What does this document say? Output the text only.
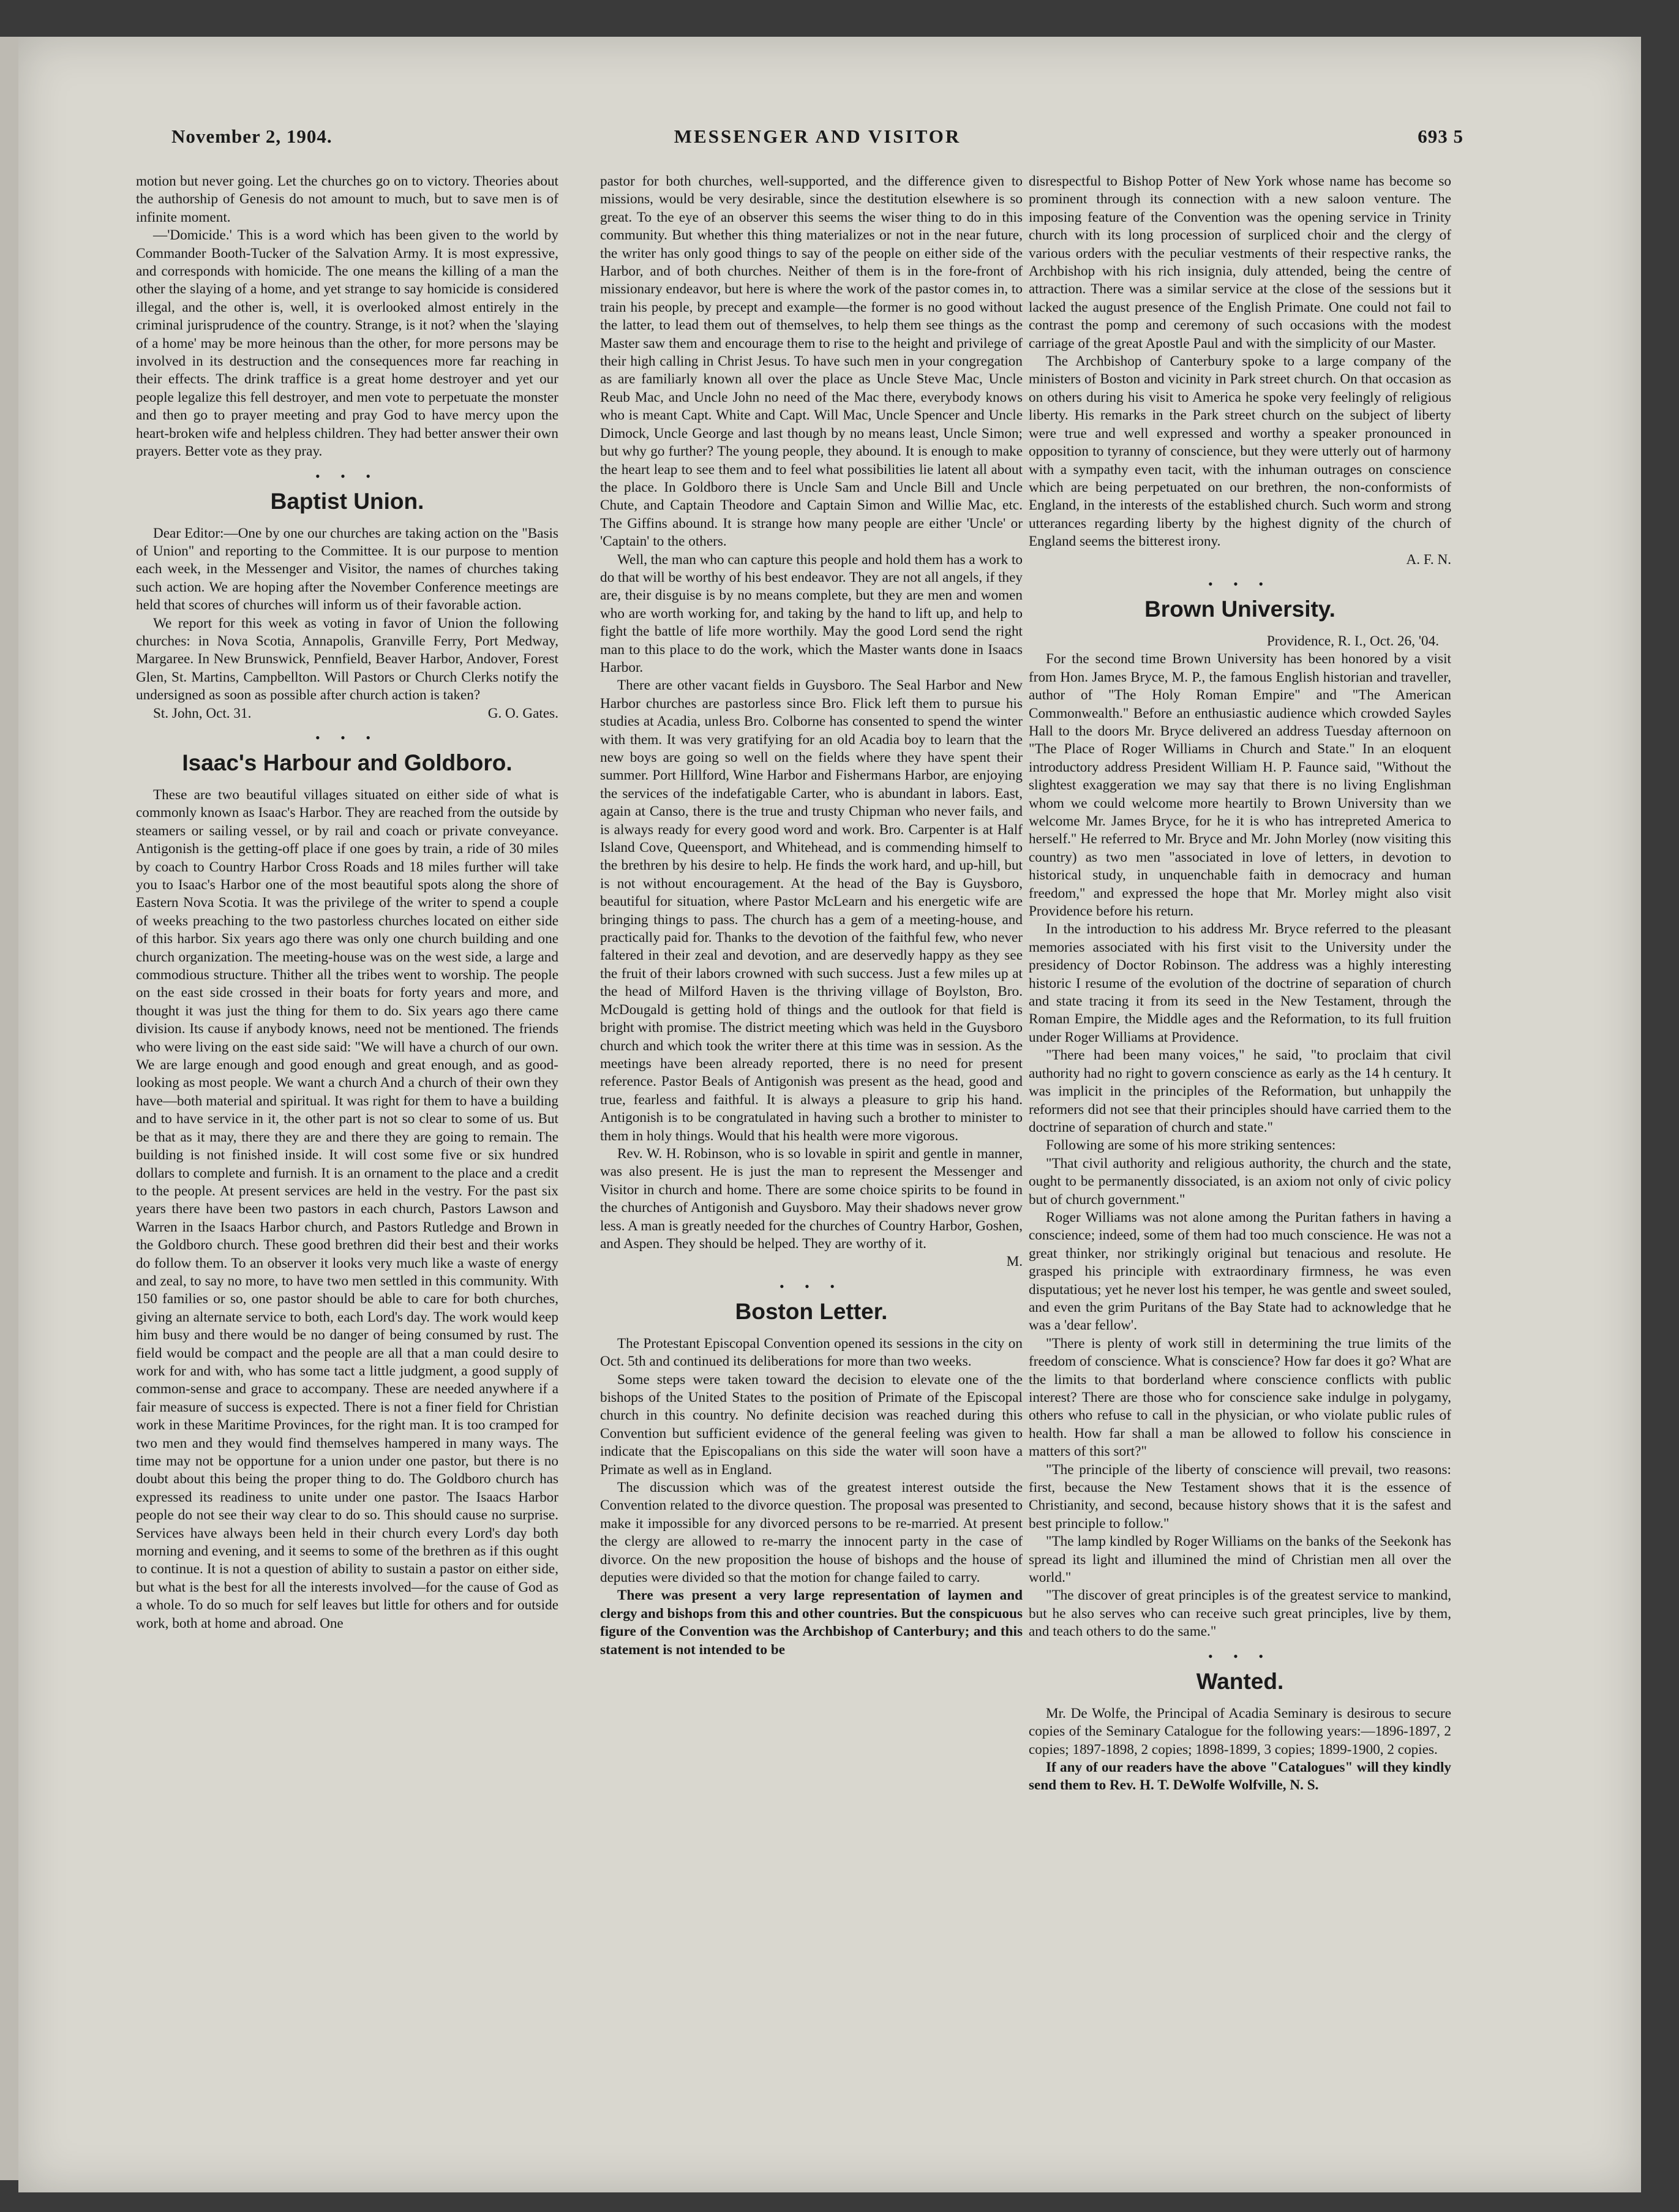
November 2, 1904.	MESSENGER AND VISITOR	693 5

motion but never going. Let the churches go on to victory. Theories about the authorship of Genesis do not amount to much, but to save men is of infinite moment.

—'Domicide.' This is a word which has been given to the world by Commander Booth-Tucker of the Salvation Army. It is most expressive, and corresponds with homicide. The one means the killing of a man the other the slaying of a home, and yet strange to say homicide is considered illegal, and the other is, well, it is overlooked almost entirely in the criminal jurisprudence of the country. Strange, is it not? when the 'slaying of a home' may be more heinous than the other, for more persons may be involved in its destruction and the consequences more far reaching in their effects. The drink traffice is a great home destroyer and yet our people legalize this fell destroyer, and men vote to perpetuate the monster and then go to prayer meeting and pray God to have mercy upon the heart-broken wife and helpless children. They had better answer their own prayers. Better vote as they pray.

• • •
Baptist Union.

Dear Editor:—One by one our churches are taking action on the "Basis of Union" and reporting to the Committee. It is our purpose to mention each week, in the Messenger and Visitor, the names of churches taking such action. We are hoping after the November Conference meetings are held that scores of churches will inform us of their favorable action.

We report for this week as voting in favor of Union the following churches: in Nova Scotia, Annapolis, Granville Ferry, Port Medway, Margaree. In New Brunswick, Pennfield, Beaver Harbor, Andover, Forest Glen, St. Martins, Campbellton. Will Pastors or Church Clerks notify the undersigned as soon as possible after church action is taken?

St. John, Oct. 31.	G. O. Gates.
• • •
Isaac's Harbour and Goldboro.

These are two beautiful villages situated on either side of what is commonly known as Isaac's Harbor. They are reached from the outside by steamers or sailing vessel, or by rail and coach or private conveyance. Antigonish is the getting-off place if one goes by train, a ride of 30 miles by coach to Country Harbor Cross Roads and 18 miles further will take you to Isaac's Harbor one of the most beautiful spots along the shore of Eastern Nova Scotia. It was the privilege of the writer to spend a couple of weeks preaching to the two pastorless churches located on either side of this harbor. Six years ago there was only one church building and one church organization. The meeting-house was on the west side, a large and commodious structure. Thither all the tribes went to worship. The people on the east side crossed in their boats for forty years and more, and thought it was just the thing for them to do. Six years ago there came division. Its cause if anybody knows, need not be mentioned. The friends who were living on the east side said: "We will have a church of our own. We are large enough and good enough and great enough, and as good-looking as most people. We want a church And a church of their own they have—both material and spiritual. It was right for them to have a building and to have service in it, the other part is not so clear to some of us. But be that as it may, there they are and there they are going to remain. The building is not finished inside. It will cost some five or six hundred dollars to complete and furnish. It is an ornament to the place and a credit to the people. At present services are held in the vestry. For the past six years there have been two pastors in each church, Pastors Lawson and Warren in the Isaacs Harbor church, and Pastors Rutledge and Brown in the Goldboro church. These good brethren did their best and their works do follow them. To an observer it looks very much like a waste of energy and zeal, to say no more, to have two men settled in this community. With 150 families or so, one pastor should be able to care for both churches, giving an alternate service to both, each Lord's day. The work would keep him busy and there would be no danger of being consumed by rust. The field would be compact and the people are all that a man could desire to work for and with, who has some tact a little judgment, a good supply of common-sense and grace to accompany. These are needed anywhere if a fair measure of success is expected. There is not a finer field for Christian work in these Maritime Provinces, for the right man. It is too cramped for two men and they would find themselves hampered in many ways. The time may not be opportune for a union under one pastor, but there is no doubt about this being the proper thing to do. The Goldboro church has expressed its readiness to unite under one pastor. The Isaacs Harbor people do not see their way clear to do so. This should cause no surprise. Services have always been held in their church every Lord's day both morning and evening, and it seems to some of the brethren as if this ought to continue. It is not a question of ability to sustain a pastor on either side, but what is the best for all the interests involved—for the cause of God as a whole. To do so much for self leaves but little for others and for outside work, both at home and abroad. One

pastor for both churches, well-supported, and the difference given to missions, would be very desirable, since the destitution elsewhere is so great. To the eye of an observer this seems the wiser thing to do in this community. But whether this thing materializes or not in the near future, the writer has only good things to say of the people on either side of the Harbor, and of both churches. Neither of them is in the fore-front of missionary endeavor, but here is where the work of the pastor comes in, to train his people, by precept and example—the former is no good without the latter, to lead them out of themselves, to help them see things as the Master saw them and encourage them to rise to the height and privilege of their high calling in Christ Jesus. To have such men in your congregation as are familiarly known all over the place as Uncle Steve Mac, Uncle Reub Mac, and Uncle John no need of the Mac there, everybody knows who is meant Capt. White and Capt. Will Mac, Uncle Spencer and Uncle Dimock, Uncle George and last though by no means least, Uncle Simon; but why go further? The young people, they abound. It is enough to make the heart leap to see them and to feel what possibilities lie latent all about the place. In Goldboro there is Uncle Sam and Uncle Bill and Uncle Chute, and Captain Theodore and Captain Simon and Willie Mac, etc. The Giffins abound. It is strange how many people are either 'Uncle' or 'Captain' to the others.

Well, the man who can capture this people and hold them has a work to do that will be worthy of his best endeavor. They are not all angels, if they are, their disguise is by no means complete, but they are men and women who are worth working for, and taking by the hand to lift up, and help to fight the battle of life more worthily. May the good Lord send the right man to this place to do the work, which the Master wants done in Isaacs Harbor.

There are other vacant fields in Guysboro. The Seal Harbor and New Harbor churches are pastorless since Bro. Flick left them to pursue his studies at Acadia, unless Bro. Colborne has consented to spend the winter with them. It was very gratifying for an old Acadia boy to learn that the new boys are going so well on the fields where they have spent their summer. Port Hillford, Wine Harbor and Fishermans Harbor, are enjoying the services of the indefatigable Carter, who is abundant in labors. East, again at Canso, there is the true and trusty Chipman who never fails, and is always ready for every good word and work. Bro. Carpenter is at Half Island Cove, Queensport, and Whitehead, and is commending himself to the brethren by his desire to help. He finds the work hard, and up-hill, but is not without encouragement. At the head of the Bay is Guysboro, beautiful for situation, where Pastor McLearn and his energetic wife are bringing things to pass. The church has a gem of a meeting-house, and practically paid for. Thanks to the devotion of the faithful few, who never faltered in their zeal and devotion, and are deservedly happy as they see the fruit of their labors crowned with such success. Just a few miles up at the head of Milford Haven is the thriving village of Boylston, Bro. McDougald is getting hold of things and the outlook for that field is bright with promise. The district meeting which was held in the Guysboro church and which took the writer there at this time was in session. As the meetings have been already reported, there is no need for present reference. Pastor Beals of Antigonish was present as the head, good and true, fearless and faithful. It is always a pleasure to grip his hand. Antigonish is to be congratulated in having such a brother to minister to them in holy things. Would that his health were more vigorous.

Rev. W. H. Robinson, who is so lovable in spirit and gentle in manner, was also present. He is just the man to represent the Messenger and Visitor in church and home. There are some choice spirits to be found in the churches of Antigonish and Guysboro. May their shadows never grow less. A man is greatly needed for the churches of Country Harbor, Goshen, and Aspen. They should be helped. They are worthy of it.

M.

• • •
Boston Letter.

The Protestant Episcopal Convention opened its sessions in the city on Oct. 5th and continued its deliberations for more than two weeks.

Some steps were taken toward the decision to elevate one of the bishops of the United States to the position of Primate of the Episcopal church in this country. No definite decision was reached during this Convention but sufficient evidence of the general feeling was given to indicate that the Episcopalians on this side the water will soon have a Primate as well as in England.

The discussion which was of the greatest interest outside the Convention related to the divorce question. The proposal was presented to make it impossible for any divorced persons to be re-married. At present the clergy are allowed to re-marry the innocent party in the case of divorce. On the new proposition the house of bishops and the house of deputies were divided so that the motion for change failed to carry.

There was present a very large representation of laymen and clergy and bishops from this and other countries. But the conspicuous figure of the Convention was the Archbishop of Canterbury; and this statement is not intended to be

disrespectful to Bishop Potter of New York whose name has become so prominent through its connection with a new saloon venture. The imposing feature of the Convention was the opening service in Trinity church with its long procession of surpliced choir and the clergy of various orders with the peculiar vestments of their respective ranks, the Archbishop with his rich insignia, duly attended, being the centre of attraction. There was a similar service at the close of the sessions but it lacked the august presence of the English Primate. One could not fail to contrast the pomp and ceremony of such occasions with the modest carriage of the great Apostle Paul and with the simplicity of our Master.

The Archbishop of Canterbury spoke to a large company of the ministers of Boston and vicinity in Park street church. On that occasion as on others during his visit to America he spoke very feelingly of religious liberty. His remarks in the Park street church on the subject of liberty were true and well expressed and worthy a speaker pronounced in opposition to tyranny of conscience, but they were utterly out of harmony with a sympathy even tacit, with the inhuman outrages on conscience which are being perpetuated on our brethren, the non-conformists of England, in the interests of the established church. Such worm and strong utterances regarding liberty by the highest dignity of the church of England seems the bitterest irony.

A. F. N.

• • •
Brown University.

Providence, R. I., Oct. 26, '04.

For the second time Brown University has been honored by a visit from Hon. James Bryce, M. P., the famous English historian and traveller, author of "The Holy Roman Empire" and "The American Commonwealth." Before an enthusiastic audience which crowded Sayles Hall to the doors Mr. Bryce delivered an address Tuesday afternoon on "The Place of Roger Williams in Church and State." In an eloquent introductory address President William H. P. Faunce said, "Without the slightest exaggeration we may say that there is no living Englishman whom we could welcome more heartily to Brown University than we welcome Mr. James Bryce, for he it is who has intrepreted America to herself." He referred to Mr. Bryce and Mr. John Morley (now visiting this country) as two men "associated in love of letters, in devotion to historical study, in unquenchable faith in democracy and human freedom," and expressed the hope that Mr. Morley might also visit Providence before his return.

In the introduction to his address Mr. Bryce referred to the pleasant memories associated with his first visit to the University under the presidency of Doctor Robinson. The address was a highly interesting historic I resume of the evolution of the doctrine of separation of church and state tracing it from its seed in the New Testament, through the Roman Empire, the Middle ages and the Reformation, to its full fruition under Roger Williams at Providence.

"There had been many voices," he said, "to proclaim that civil authority had no right to govern conscience as early as the 14 h century. It was implicit in the principles of the Reformation, but unhappily the reformers did not see that their principles should have carried them to the doctrine of separation of church and state."

Following are some of his more striking sentences:

"That civil authority and religious authority, the church and the state, ought to be permanently dissociated, is an axiom not only of civic policy but of church government."

Roger Williams was not alone among the Puritan fathers in having a conscience; indeed, some of them had too much conscience. He was not a great thinker, nor strikingly original but tenacious and resolute. He grasped his principle with extraordinary firmness, he was even disputatious; yet he never lost his temper, he was gentle and sweet souled, and even the grim Puritans of the Bay State had to acknowledge that he was a 'dear fellow'.

"There is plenty of work still in determining the true limits of the freedom of conscience. What is conscience? How far does it go? What are the limits to that borderland where conscience conflicts with public interest? There are those who for conscience sake indulge in polygamy, others who refuse to call in the physician, or who violate public rules of health. How far shall a man be allowed to follow his conscience in matters of this sort?"

"The principle of the liberty of conscience will prevail, two reasons: first, because the New Testament shows that it is the essence of Christianity, and second, because history shows that it is the safest and best principle to follow."

"The lamp kindled by Roger Williams on the banks of the Seekonk has spread its light and illumined the mind of Christian men all over the world."

"The discover of great principles is of the greatest service to mankind, but he also serves who can receive such great principles, live by them, and teach others to do the same."

• • •
Wanted.

Mr. De Wolfe, the Principal of Acadia Seminary is desirous to secure copies of the Seminary Catalogue for the following years:—1896-1897, 2 copies; 1897-1898, 2 copies; 1898-1899, 3 copies; 1899-1900, 2 copies.

If any of our readers have the above "Catalogues" will they kindly send them to Rev. H. T. DeWolfe Wolfville, N. S.
